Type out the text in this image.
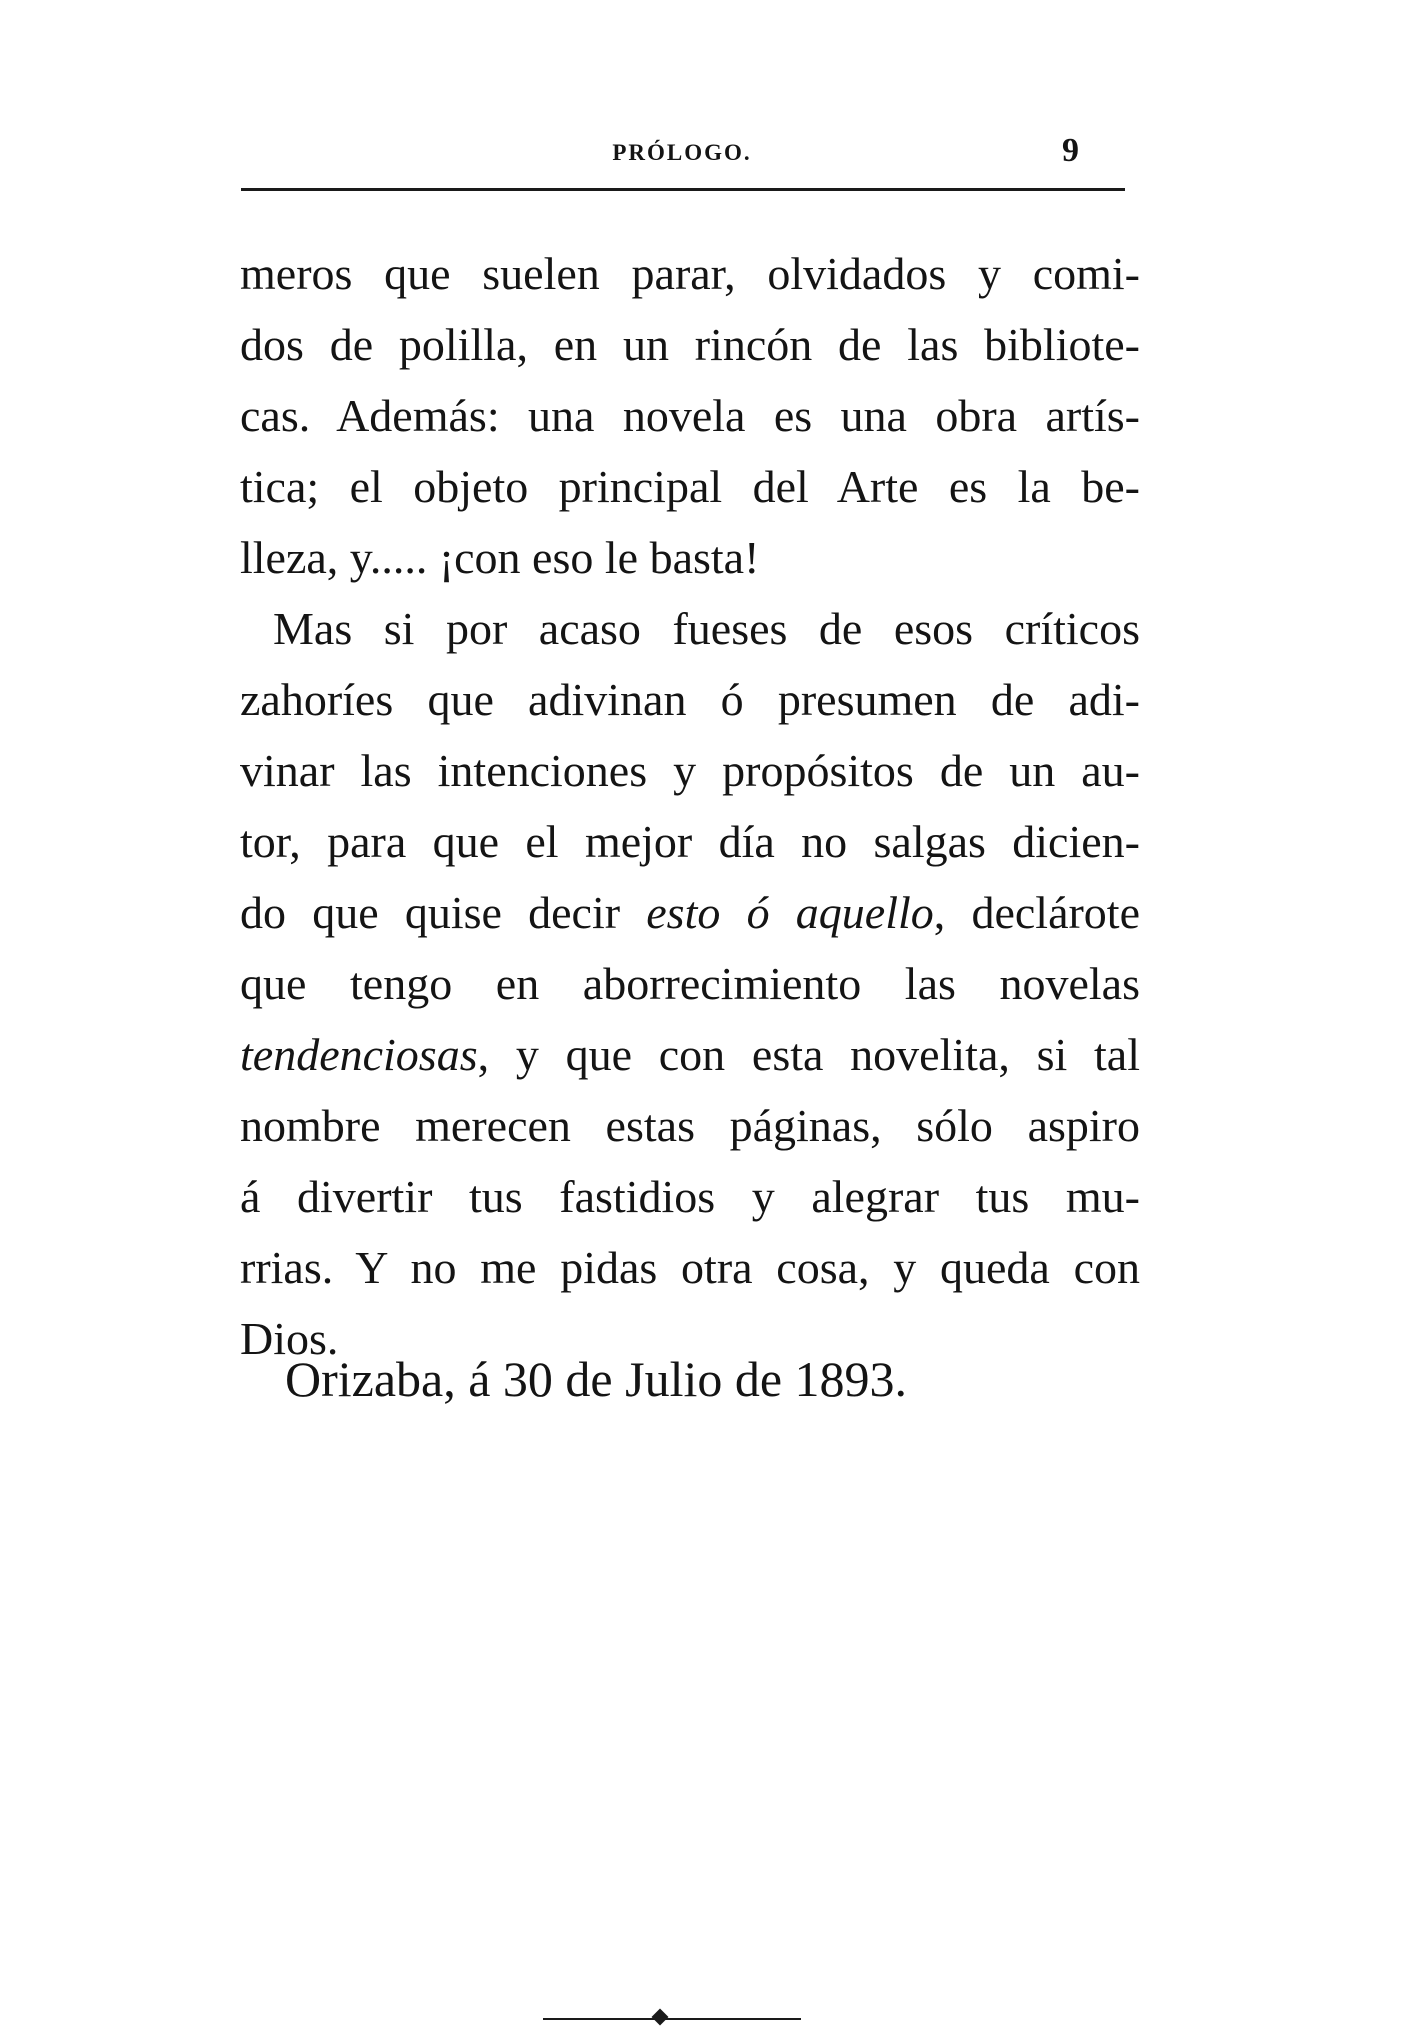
PRÓLOGO.	9
meros que suelen parar, olvidados y comi-
dos de polilla, en un rincón de las bibliote-
cas. Además: una novela es una obra artís-
tica; el objeto principal del Arte es la be-
lleza, y..... ¡con eso le basta!
Mas si por acaso fueses de esos críticos
zahoríes que adivinan ó presumen de adi-
vinar las intenciones y propósitos de un au-
tor, para que el mejor día no salgas dicien-
do que quise decir esto ó aquello, declárote
que tengo en aborrecimiento las novelas
tendenciosas, y que con esta novelita, si tal
nombre merecen estas páginas, sólo aspiro
á divertir tus fastidios y alegrar tus mu-
rrias. Y no me pidas otra cosa, y queda con
Dios.
Orizaba, á 30 de Julio de 1893.
